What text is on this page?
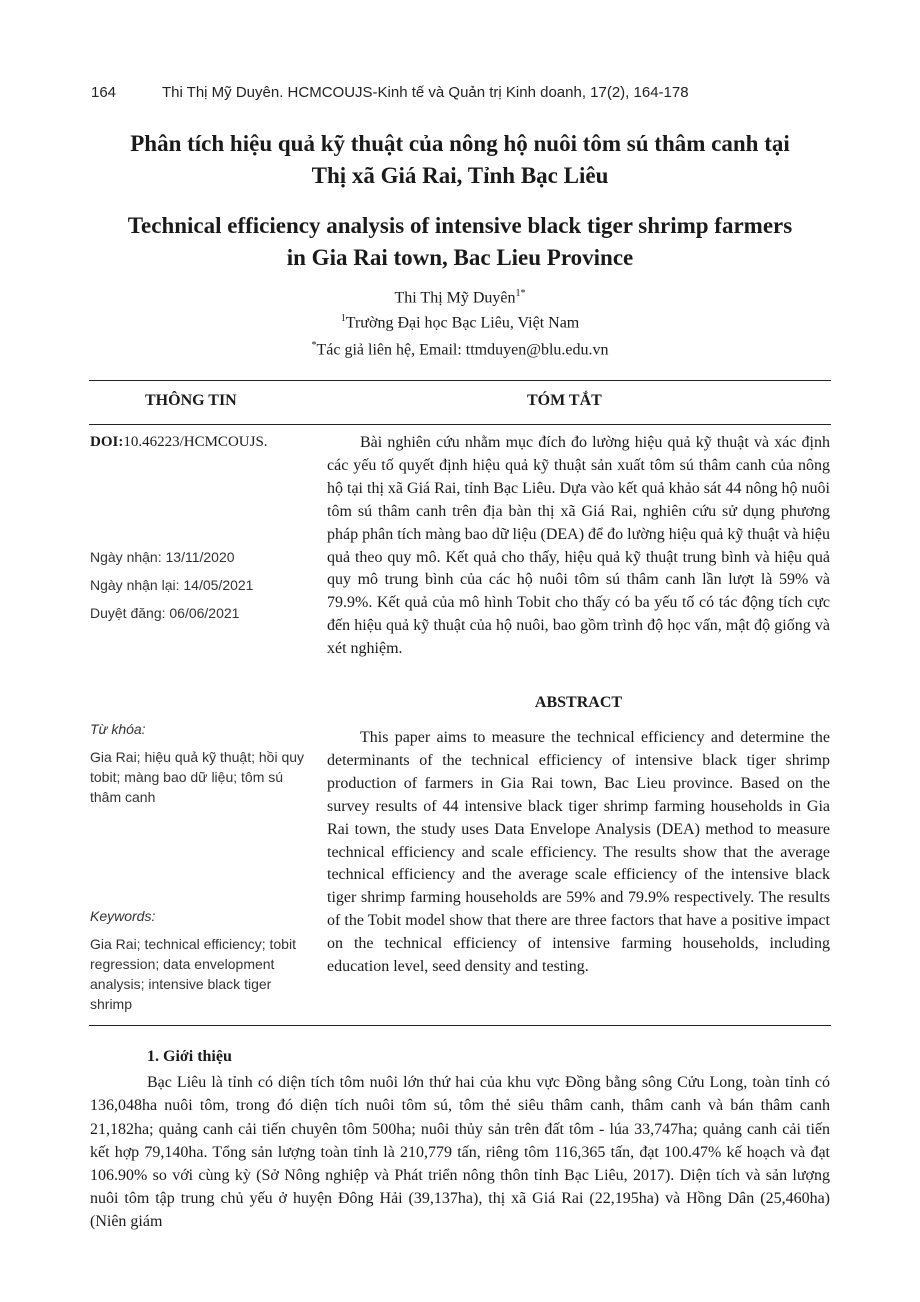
164	Thi Thị Mỹ Duyên. HCMCOUJS-Kinh tế và Quản trị Kinh doanh, 17(2), 164-178
Phân tích hiệu quả kỹ thuật của nông hộ nuôi tôm sú thâm canh tại
Thị xã Giá Rai, Tỉnh Bạc Liêu
Technical efficiency analysis of intensive black tiger shrimp farmers
in Gia Rai town, Bac Lieu Province
Thi Thị Mỹ Duyên$^{1*}$
$^1$Trường Đại học Bạc Liêu, Việt Nam
*Tác giả liên hệ, Email: ttmduyen@blu.edu.vn
THÔNG TIN	TÓM TẮT
DOI:10.46223/HCMCOUJS.
Ngày nhận: 13/11/2020
Ngày nhận lại: 14/05/2021
Duyệt đăng: 06/06/2021
Từ khóa:
Gia Rai; hiệu quả kỹ thuật; hồi quy tobit; màng bao dữ liệu; tôm sú thâm canh
Keywords:
Gia Rai; technical efficiency; tobit regression; data envelopment analysis; intensive black tiger shrimp

Bài nghiên cứu nhằm mục đích đo lường hiệu quả kỹ thuật và xác định các yếu tố quyết định hiệu quả kỹ thuật sản xuất tôm sú thâm canh của nông hộ tại thị xã Giá Rai, tỉnh Bạc Liêu. Dựa vào kết quả khảo sát 44 nông hộ nuôi tôm sú thâm canh trên địa bàn thị xã Giá Rai, nghiên cứu sử dụng phương pháp phân tích màng bao dữ liệu (DEA) để đo lường hiệu quả kỹ thuật và hiệu quả theo quy mô. Kết quả cho thấy, hiệu quả kỹ thuật trung bình và hiệu quả quy mô trung bình của các hộ nuôi tôm sú thâm canh lần lượt là 59% và 79.9%. Kết quả của mô hình Tobit cho thấy có ba yếu tố có tác động tích cực đến hiệu quả kỹ thuật của hộ nuôi, bao gồm trình độ học vấn, mật độ giống và xét nghiệm.

ABSTRACT

This paper aims to measure the technical efficiency and determine the determinants of the technical efficiency of intensive black tiger shrimp production of farmers in Gia Rai town, Bac Lieu province. Based on the survey results of 44 intensive black tiger shrimp farming households in Gia Rai town, the study uses Data Envelope Analysis (DEA) method to measure technical efficiency and scale efficiency. The results show that the average technical efficiency and the average scale efficiency of the intensive black tiger shrimp farming households are 59% and 79.9% respectively. The results of the Tobit model show that there are three factors that have a positive impact on the technical efficiency of intensive farming households, including education level, seed density and testing.

1. Giới thiệu

Bạc Liêu là tỉnh có diện tích tôm nuôi lớn thứ hai của khu vực Đồng bằng sông Cửu Long, toàn tỉnh có 136,048ha nuôi tôm, trong đó diện tích nuôi tôm sú, tôm thẻ siêu thâm canh, thâm canh và bán thâm canh 21,182ha; quảng canh cải tiến chuyên tôm 500ha; nuôi thủy sản trên đất tôm - lúa 33,747ha; quảng canh cải tiến kết hợp 79,140ha. Tổng sản lượng toàn tỉnh là 210,779 tấn, riêng tôm 116,365 tấn, đạt 100.47% kế hoạch và đạt 106.90% so với cùng kỳ (Sở Nông nghiệp và Phát triển nông thôn tỉnh Bạc Liêu, 2017). Diện tích và sản lượng nuôi tôm tập trung chủ yếu ở huyện Đông Hải (39,137ha), thị xã Giá Rai (22,195ha) và Hồng Dân (25,460ha) (Niên giám
